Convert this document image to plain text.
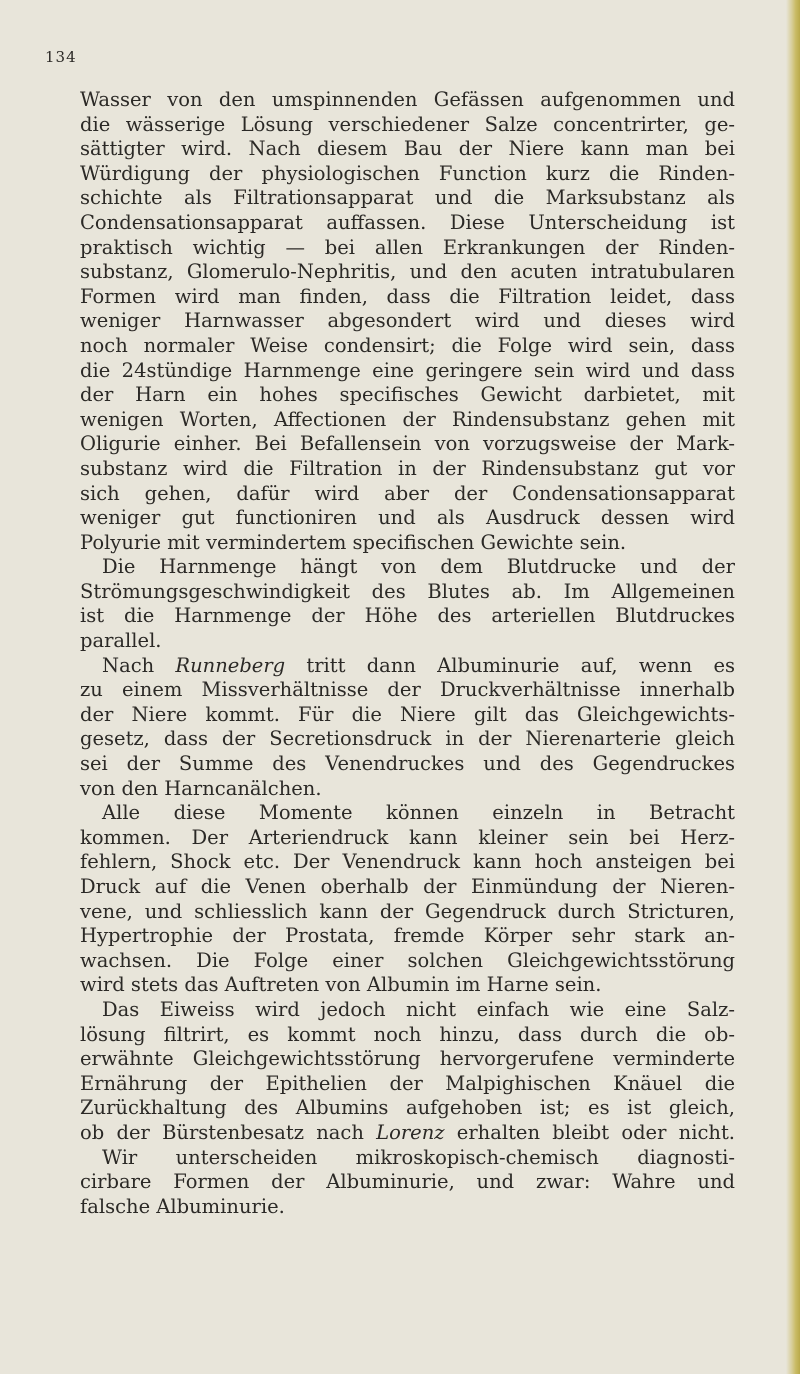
134
Wasser von den umspinnenden Gefässen aufgenommen und
die wässerige Lösung verschiedener Salze concentrirter, ge-
sättigter wird. Nach diesem Bau der Niere kann man bei
Würdigung der physiologischen Function kurz die Rinden-
schichte als Filtrationsapparat und die Marksubstanz als
Condensationsapparat auffassen. Diese Unterscheidung ist
praktisch wichtig — bei allen Erkrankungen der Rinden-
substanz, Glomerulo-Nephritis, und den acuten intratubularen
Formen wird man finden, dass die Filtration leidet, dass
weniger Harnwasser abgesondert wird und dieses wird
noch normaler Weise condensirt; die Folge wird sein, dass
die 24stündige Harnmenge eine geringere sein wird und dass
der Harn ein hohes specifisches Gewicht darbietet, mit
wenigen Worten, Affectionen der Rindensubstanz gehen mit
Oligurie einher. Bei Befallensein von vorzugsweise der Mark-
substanz wird die Filtration in der Rindensubstanz gut vor
sich gehen, dafür wird aber der Condensationsapparat
weniger gut functioniren und als Ausdruck dessen wird
Polyurie mit vermindertem specifischen Gewichte sein.
Die Harnmenge hängt von dem Blutdrucke und der
Strömungsgeschwindigkeit des Blutes ab. Im Allgemeinen
ist die Harnmenge der Höhe des arteriellen Blutdruckes
parallel.
Nach Runneberg tritt dann Albuminurie auf, wenn es
zu einem Missverhältnisse der Druckverhältnisse innerhalb
der Niere kommt. Für die Niere gilt das Gleichgewichts-
gesetz, dass der Secretionsdruck in der Nierenarterie gleich
sei der Summe des Venendruckes und des Gegendruckes
von den Harncanälchen.
Alle diese Momente können einzeln in Betracht
kommen. Der Arteriendruck kann kleiner sein bei Herz-
fehlern, Shock etc. Der Venendruck kann hoch ansteigen bei
Druck auf die Venen oberhalb der Einmündung der Nieren-
vene, und schliesslich kann der Gegendruck durch Stricturen,
Hypertrophie der Prostata, fremde Körper sehr stark an-
wachsen. Die Folge einer solchen Gleichgewichtsstörung
wird stets das Auftreten von Albumin im Harne sein.
Das Eiweiss wird jedoch nicht einfach wie eine Salz-
lösung filtrirt, es kommt noch hinzu, dass durch die ob-
erwähnte Gleichgewichtsstörung hervorgerufene verminderte
Ernährung der Epithelien der Malpighischen Knäuel die
Zurückhaltung des Albumins aufgehoben ist; es ist gleich,
ob der Bürstenbesatz nach Lorenz erhalten bleibt oder nicht.
Wir unterscheiden mikroskopisch-chemisch diagnosti-
cirbare Formen der Albuminurie, und zwar: Wahre und
falsche Albuminurie.
